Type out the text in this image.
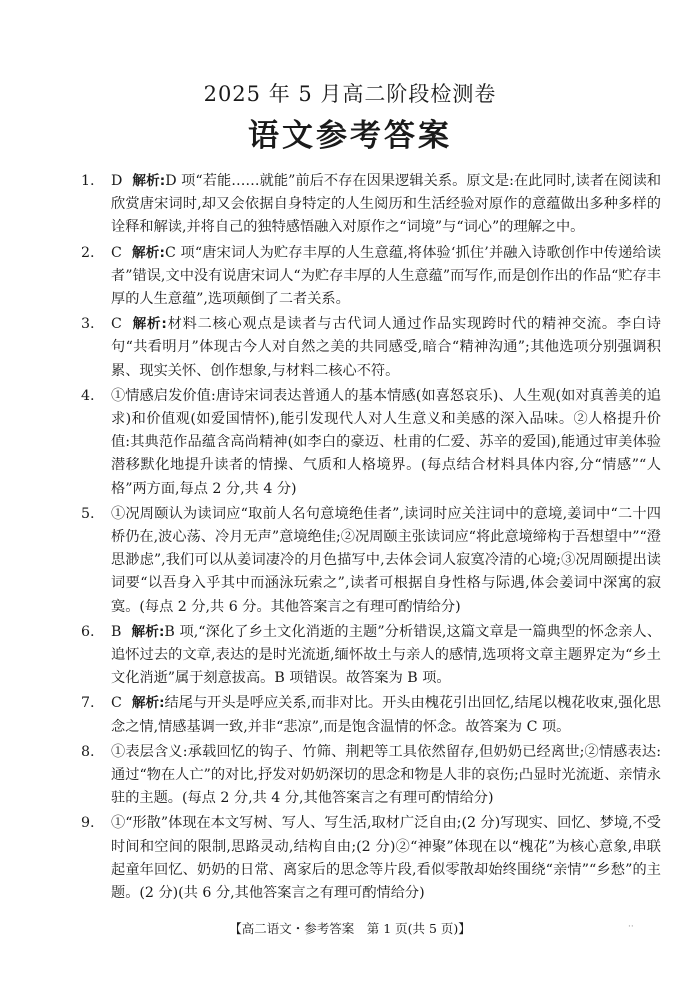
2025 年 5 月高二阶段检测卷
语文参考答案
1. D 解析:D 项“若能……就能”前后不存在因果逻辑关系。原文是:在此同时,读者在阅读和欣赏唐宋词时,却又会依据自身特定的人生阅历和生活经验对原作的意蕴做出多种多样的诠释和解读,并将自己的独特感悟融入对原作之“词境”与“词心”的理解之中。
2. C 解析:C 项“唐宋词人为贮存丰厚的人生意蕴,将体验‘抓住’并融入诗歌创作中传递给读者”错误,文中没有说唐宋词人“为贮存丰厚的人生意蕴”而写作,而是创作出的作品“贮存丰厚的人生意蕴”,选项颠倒了二者关系。
3. C 解析:材料二核心观点是读者与古代词人通过作品实现跨时代的精神交流。李白诗句“共看明月”体现古今人对自然之美的共同感受,暗合“精神沟通”;其他选项分别强调积累、现实关怀、创作想象,与材料二核心不符。
4. ①情感启发价值:唐诗宋词表达普通人的基本情感(如喜怒哀乐)、人生观(如对真善美的追求)和价值观(如爱国情怀),能引发现代人对人生意义和美感的深入品味。②人格提升价值:其典范作品蕴含高尚精神(如李白的豪迈、杜甫的仁爱、苏辛的爱国),能通过审美体验潜移默化地提升读者的情操、气质和人格境界。(每点结合材料具体内容,分“情感”“人格”两方面,每点 2 分,共 4 分)
5. ①况周颐认为读词应“取前人名句意境绝佳者”,读词时应关注词中的意境,姜词中“二十四桥仍在,波心荡、冷月无声”意境绝佳;②况周颐主张读词应“将此意境缔构于吾想望中”“澄思渺虑”,我们可以从姜词凄冷的月色描写中,去体会词人寂寞冷清的心境;③况周颐提出读词要“以吾身入乎其中而涵泳玩索之”,读者可根据自身性格与际遇,体会姜词中深寓的寂寞。(每点 2 分,共 6 分。其他答案言之有理可酌情给分)
6. B 解析:B 项,“深化了乡土文化消逝的主题”分析错误,这篇文章是一篇典型的怀念亲人、追怀过去的文章,表达的是时光流逝,缅怀故土与亲人的感情,选项将文章主题界定为“乡土文化消逝”属于刻意拔高。B 项错误。故答案为 B 项。
7. C 解析:结尾与开头是呼应关系,而非对比。开头由槐花引出回忆,结尾以槐花收束,强化思念之情,情感基调一致,并非“悲凉”,而是饱含温情的怀念。故答案为 C 项。
8. ①表层含义:承载回忆的钩子、竹筛、荆耙等工具依然留存,但奶奶已经离世;②情感表达:通过“物在人亡”的对比,抒发对奶奶深切的思念和物是人非的哀伤;凸显时光流逝、亲情永驻的主题。(每点 2 分,共 4 分,其他答案言之有理可酌情给分)
9. ①“形散”体现在本文写树、写人、写生活,取材广泛自由;(2 分)写现实、回忆、梦境,不受时间和空间的限制,思路灵动,结构自由;(2 分)②“神聚”体现在以“槐花”为核心意象,串联起童年回忆、奶奶的日常、离家后的思念等片段,看似零散却始终围绕“亲情”“乡愁”的主题。(2 分)(共 6 分,其他答案言之有理可酌情给分)
【高二语文・参考答案　第 1 页(共 5 页)】	··
